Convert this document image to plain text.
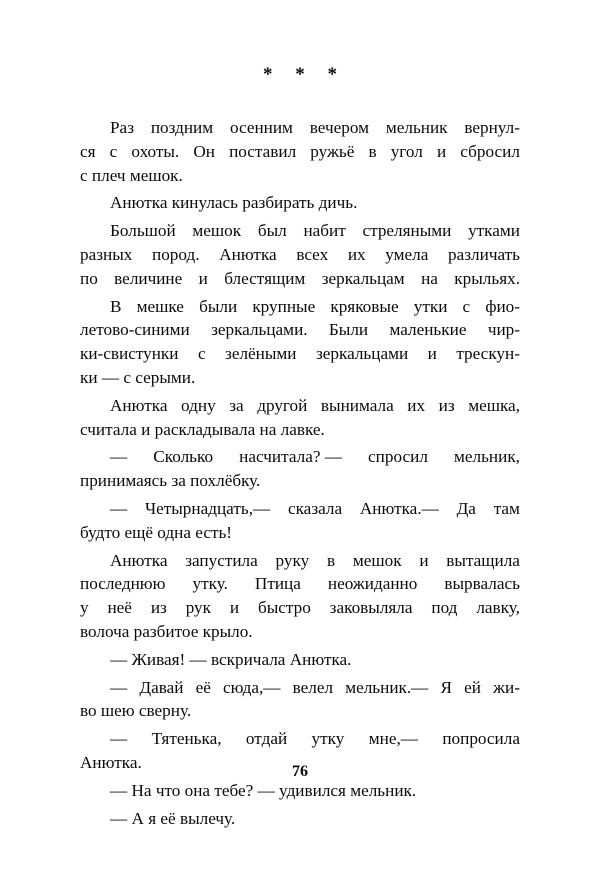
* * *

Раз поздним осенним вечером мельник вернул-
ся с охоты. Он поставил ружьё в угол и сбросил
с плеч мешок.

Анютка кинулась разбирать дичь.

Большой мешок был набит стреляными утками
разных пород. Анютка всех их умела различать
по величине и блестящим зеркальцам на крыльях.

В мешке были крупные кряковые утки с фио-
летово-синими зеркальцами. Были маленькие чир-
ки-свистунки с зелёными зеркальцами и трескун-
ки — с серыми.

Анютка одну за другой вынимала их из мешка,
считала и раскладывала на лавке.

— Сколько насчитала? — спросил мельник,
принимаясь за похлёбку.

— Четырнадцать,— сказала Анютка.— Да там
будто ещё одна есть!

Анютка запустила руку в мешок и вытащила
последнюю утку. Птица неожиданно вырвалась
у неё из рук и быстро заковыляла под лавку,
волоча разбитое крыло.

— Живая! — вскричала Анютка.

— Давай её сюда,— велел мельник.— Я ей жи-
во шею сверну.

— Тятенька, отдай утку мне,— попросила
Анютка.

— На что она тебе? — удивился мельник.

— А я её вылечу.

76
